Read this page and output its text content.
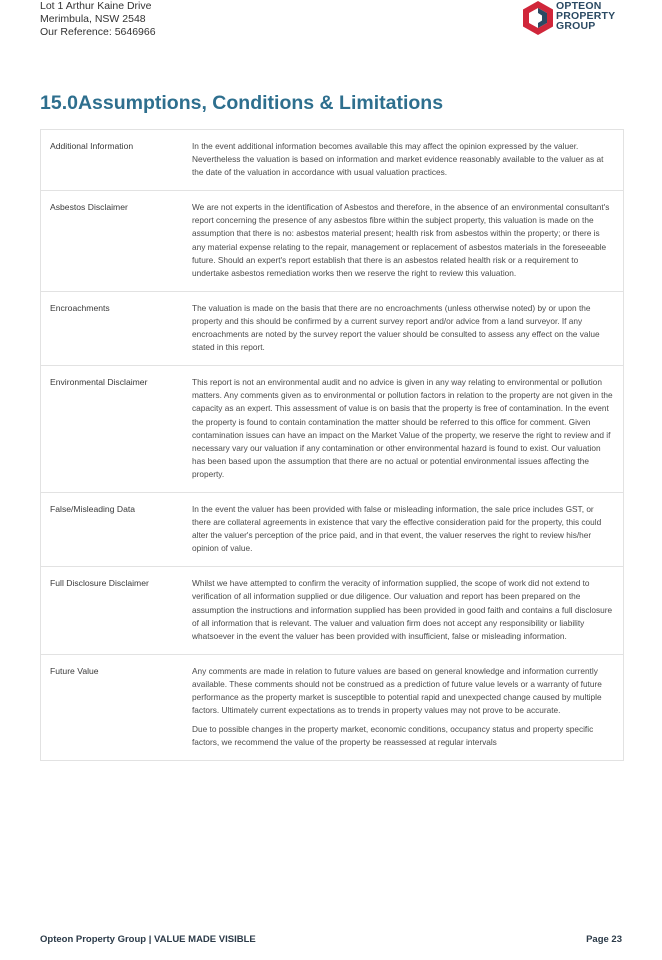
Lot 1 Arthur Kaine Drive
Merimbula, NSW 2548
Our Reference: 5646966
OPTEON
PROPERTY
GROUP
15.0Assumptions, Conditions & Limitations
Additional Information	In the event additional information becomes available this may affect the opinion expressed by the valuer. Nevertheless the valuation is based on information and market evidence reasonably available to the valuer as at the date of the valuation in accordance with usual valuation practices.

Asbestos Disclaimer	We are not experts in the identification of Asbestos and therefore, in the absence of an environmental consultant's report concerning the presence of any asbestos fibre within the subject property, this valuation is made on the assumption that there is no: asbestos material present; health risk from asbestos within the property; or there is any material expense relating to the repair, management or replacement of asbestos materials in the foreseeable future. Should an expert's report establish that there is an asbestos related health risk or a requirement to undertake asbestos remediation works then we reserve the right to review this valuation.

Encroachments	The valuation is made on the basis that there are no encroachments (unless otherwise noted) by or upon the property and this should be confirmed by a current survey report and/or advice from a land surveyor. If any encroachments are noted by the survey report the valuer should be consulted to assess any effect on the value stated in this report.

Environmental Disclaimer	This report is not an environmental audit and no advice is given in any way relating to environmental or pollution matters. Any comments given as to environmental or pollution factors in relation to the property are not given in the capacity as an expert. This assessment of value is on basis that the property is free of contamination. In the event the property is found to contain contamination the matter should be referred to this office for comment. Given contamination issues can have an impact on the Market Value of the property, we reserve the right to review and if necessary vary our valuation if any contamination or other environmental hazard is found to exist. Our valuation has been based upon the assumption that there are no actual or potential environmental issues affecting the property.

False/Misleading Data	In the event the valuer has been provided with false or misleading information, the sale price includes GST, or there are collateral agreements in existence that vary the effective consideration paid for the property, this could alter the valuer's perception of the price paid, and in that event, the valuer reserves the right to review his/her opinion of value.

Full Disclosure Disclaimer	Whilst we have attempted to confirm the veracity of information supplied, the scope of work did not extend to verification of all information supplied or due diligence. Our valuation and report has been prepared on the assumption the instructions and information supplied has been provided in good faith and contains a full disclosure of all information that is relevant. The valuer and valuation firm does not accept any responsibility or liability whatsoever in the event the valuer has been provided with insufficient, false or misleading information.

Future Value	Any comments are made in relation to future values are based on general knowledge and information currently available. These comments should not be construed as a prediction of future value levels or a warranty of future performance as the property market is susceptible to potential rapid and unexpected change caused by multiple factors. Ultimately current expectations as to trends in property values may not prove to be accurate.

Due to possible changes in the property market, economic conditions, occupancy status and property specific factors, we recommend the value of the property be reassessed at regular intervals

Opteon Property Group | VALUE MADE VISIBLE	Page 23
